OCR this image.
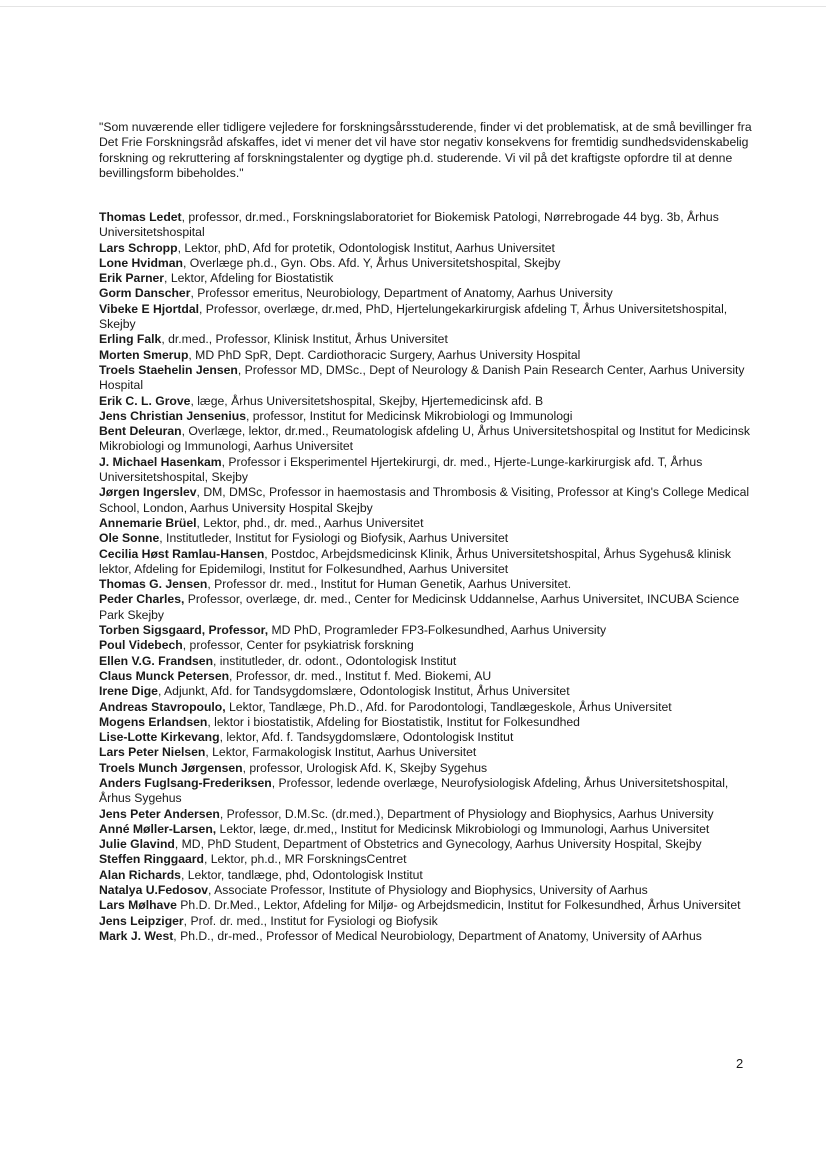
"Som nuværende eller tidligere vejledere for forskningsårsstuderende, finder vi det problematisk, at de små bevillinger fra Det Frie Forskningsråd afskaffes, idet vi mener det vil have stor negativ konsekvens for fremtidig sundhedsvidenskabelig forskning og rekruttering af forskningstalenter og dygtige ph.d. studerende. Vi vil på det kraftigste opfordre til at denne bevillingsform bibeholdes."

Thomas Ledet, professor, dr.med., Forskningslaboratoriet for Biokemisk Patologi, Nørrebrogade 44 byg. 3b, Århus Universitetshospital

Lars Schropp, Lektor, phD, Afd for protetik, Odontologisk Institut, Aarhus Universitet

Lone Hvidman, Overlæge ph.d., Gyn. Obs. Afd. Y, Århus Universitetshospital, Skejby

Erik Parner, Lektor, Afdeling for Biostatistik

Gorm Danscher, Professor emeritus, Neurobiology, Department of Anatomy, Aarhus University

Vibeke E Hjortdal, Professor, overlæge, dr.med, PhD, Hjertelungekarkirurgisk afdeling T, Århus Universitetshospital, Skejby

Erling Falk, dr.med., Professor, Klinisk Institut, Århus Universitet

Morten Smerup, MD PhD SpR, Dept. Cardiothoracic Surgery, Aarhus University Hospital

Troels Staehelin Jensen, Professor MD, DMSc., Dept of Neurology & Danish Pain Research Center, Aarhus University Hospital

Erik C. L. Grove, læge, Århus Universitetshospital, Skejby, Hjertemedicinsk afd. B

Jens Christian Jensenius, professor, Institut for Medicinsk Mikrobiologi og Immunologi

Bent Deleuran, Overlæge, lektor, dr.med., Reumatologisk afdeling U, Århus Universitetshospital og Institut for Medicinsk Mikrobiologi og Immunologi, Aarhus Universitet

J. Michael Hasenkam, Professor i Eksperimentel Hjertekirurgi, dr. med., Hjerte-Lunge-karkirurgisk afd. T, Århus Universitetshospital, Skejby

Jørgen Ingerslev, DM, DMSc, Professor in haemostasis and Thrombosis & Visiting, Professor at King's College Medical School, London, Aarhus University Hospital Skejby

Annemarie Brüel, Lektor, phd., dr. med., Aarhus Universitet

Ole Sonne, Institutleder, Institut for Fysiologi og Biofysik, Aarhus Universitet

Cecilia Høst Ramlau-Hansen, Postdoc, Arbejdsmedicinsk Klinik, Århus Universitetshospital, Århus Sygehus& klinisk lektor, Afdeling for Epidemilogi, Institut for Folkesundhed, Aarhus Universitet

Thomas G. Jensen, Professor dr. med., Institut for Human Genetik, Aarhus Universitet.

Peder Charles, Professor, overlæge, dr. med., Center for Medicinsk Uddannelse, Aarhus Universitet, INCUBA Science Park Skejby

Torben Sigsgaard, Professor, MD PhD, Programleder FP3-Folkesundhed, Aarhus University

Poul Videbech, professor, Center for psykiatrisk forskning

Ellen V.G. Frandsen, institutleder, dr. odont., Odontologisk Institut

Claus Munck Petersen, Professor, dr. med., Institut f. Med. Biokemi, AU

Irene Dige, Adjunkt, Afd. for Tandsygdomslære, Odontologisk Institut, Århus Universitet

Andreas Stavropoulo, Lektor, Tandlæge, Ph.D., Afd. for Parodontologi, Tandlægeskole, Århus Universitet

Mogens Erlandsen, lektor i biostatistik, Afdeling for Biostatistik, Institut for Folkesundhed

Lise-Lotte Kirkevang, lektor, Afd. f. Tandsygdomslære, Odontologisk Institut

Lars Peter Nielsen, Lektor, Farmakologisk Institut, Aarhus Universitet

Troels Munch Jørgensen, professor, Urologisk Afd. K, Skejby Sygehus

Anders Fuglsang-Frederiksen, Professor, ledende overlæge, Neurofysiologisk Afdeling, Århus Universitetshospital, Århus Sygehus

Jens Peter Andersen, Professor, D.M.Sc. (dr.med.), Department of Physiology and Biophysics, Aarhus University

Anné Møller-Larsen, Lektor, læge, dr.med,, Institut for Medicinsk Mikrobiologi og Immunologi, Aarhus Universitet

Julie Glavind, MD, PhD Student, Department of Obstetrics and Gynecology, Aarhus University Hospital, Skejby

Steffen Ringgaard, Lektor, ph.d., MR ForskningsCentret

Alan Richards, Lektor, tandlæge, phd, Odontologisk Institut

Natalya U.Fedosov, Associate Professor, Institute of Physiology and Biophysics, University of Aarhus

Lars Mølhave Ph.D. Dr.Med., Lektor, Afdeling for Miljø- og Arbejdsmedicin, Institut for Folkesundhed, Århus Universitet

Jens Leipziger, Prof. dr. med., Institut for Fysiologi og Biofysik

Mark J. West, Ph.D., dr-med., Professor of Medical Neurobiology, Department of Anatomy, University of AArhus

2
